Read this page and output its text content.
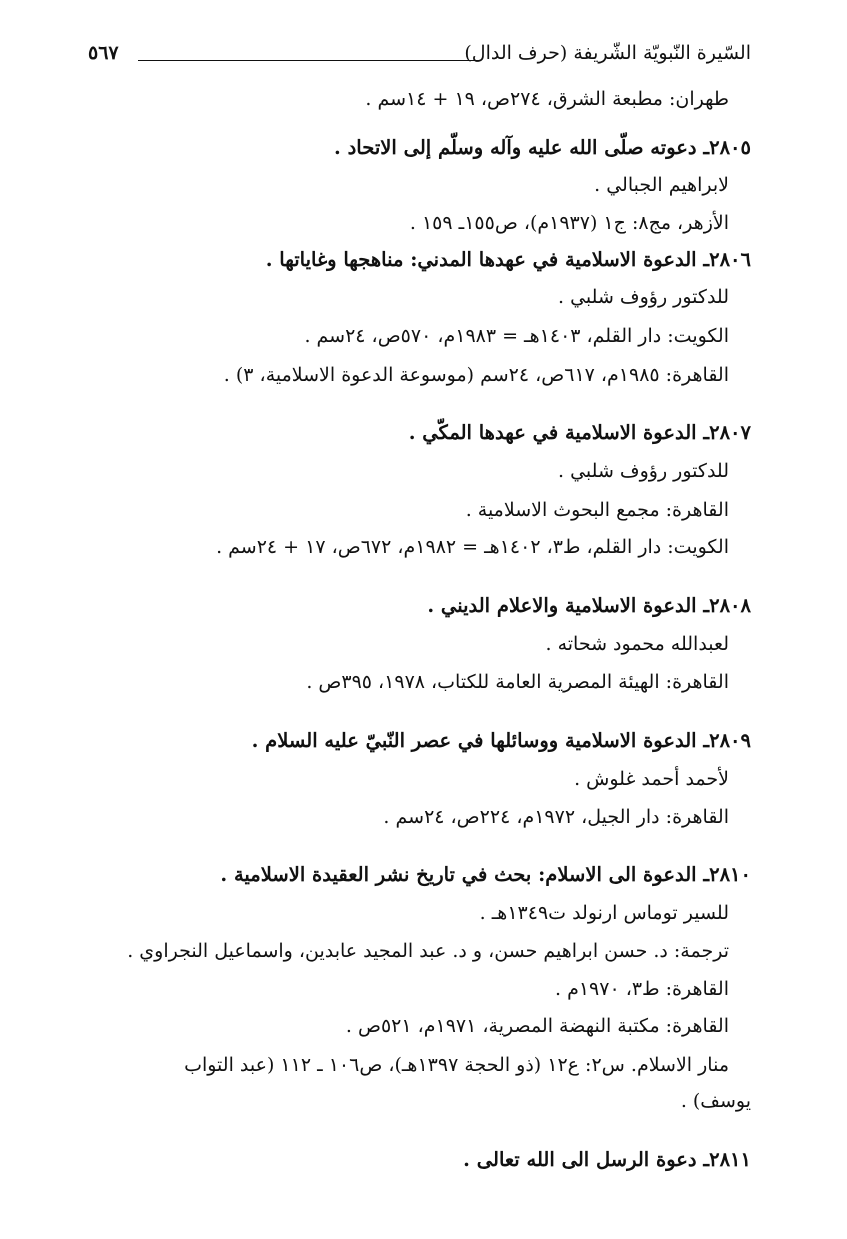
السّيرة النّبويّة الشّريفة (حرف الدال)
٥٦٧
طهران: مطبعة الشرق، ٢٧٤ص، ١٩ + ١٤سم .
٢٨٠٥ـ دعوته صلّى الله عليه وآله وسلّم إلى الاتحاد .
لابراهيم الجبالي .
الأزهر، مج٨: ج١ (١٩٣٧م)، ص١٥٥ـ ١٥٩ .
٢٨٠٦ـ الدعوة الاسلامية في عهدها المدني: مناهجها وغاياتها .
للدكتور رؤوف شلبي .
الكويت: دار القلم، ١٤٠٣هـ = ١٩٨٣م، ٥٧٠ص، ٢٤سم .
القاهرة: ١٩٨٥م، ٦١٧ص، ٢٤سم (موسوعة الدعوة الاسلامية، ٣) .
٢٨٠٧ـ الدعوة الاسلامية في عهدها المكّي .
للدكتور رؤوف شلبي .
القاهرة: مجمع البحوث الاسلامية .
الكويت: دار القلم، ط٣، ١٤٠٢هـ = ١٩٨٢م، ٦٧٢ص، ١٧ + ٢٤سم .
٢٨٠٨ـ الدعوة الاسلامية والاعلام الديني .
لعبدالله محمود شحاته .
القاهرة: الهيئة المصرية العامة للكتاب، ١٩٧٨، ٣٩٥ص .
٢٨٠٩ـ الدعوة الاسلامية ووسائلها في عصر النّبيّ عليه السلام .
لأحمد أحمد غلوش .
القاهرة: دار الجيل، ١٩٧٢م، ٢٢٤ص، ٢٤سم .
٢٨١٠ـ الدعوة الى الاسلام: بحث في تاريخ نشر العقيدة الاسلامية .
للسير توماس ارنولد ت١٣٤٩هـ .
ترجمة: د. حسن ابراهيم حسن، و د. عبد المجيد عابدين، واسماعيل النجراوي .
القاهرة: ط٣، ١٩٧٠م .
القاهرة: مكتبة النهضة المصرية، ١٩٧١م، ٥٢١ص .
منار الاسلام. س٢: ع١٢ (ذو الحجة ١٣٩٧هـ)، ص١٠٦ ـ ١١٢ (عبد التواب
يوسف) .
٢٨١١ـ دعوة الرسل الى الله تعالى .
